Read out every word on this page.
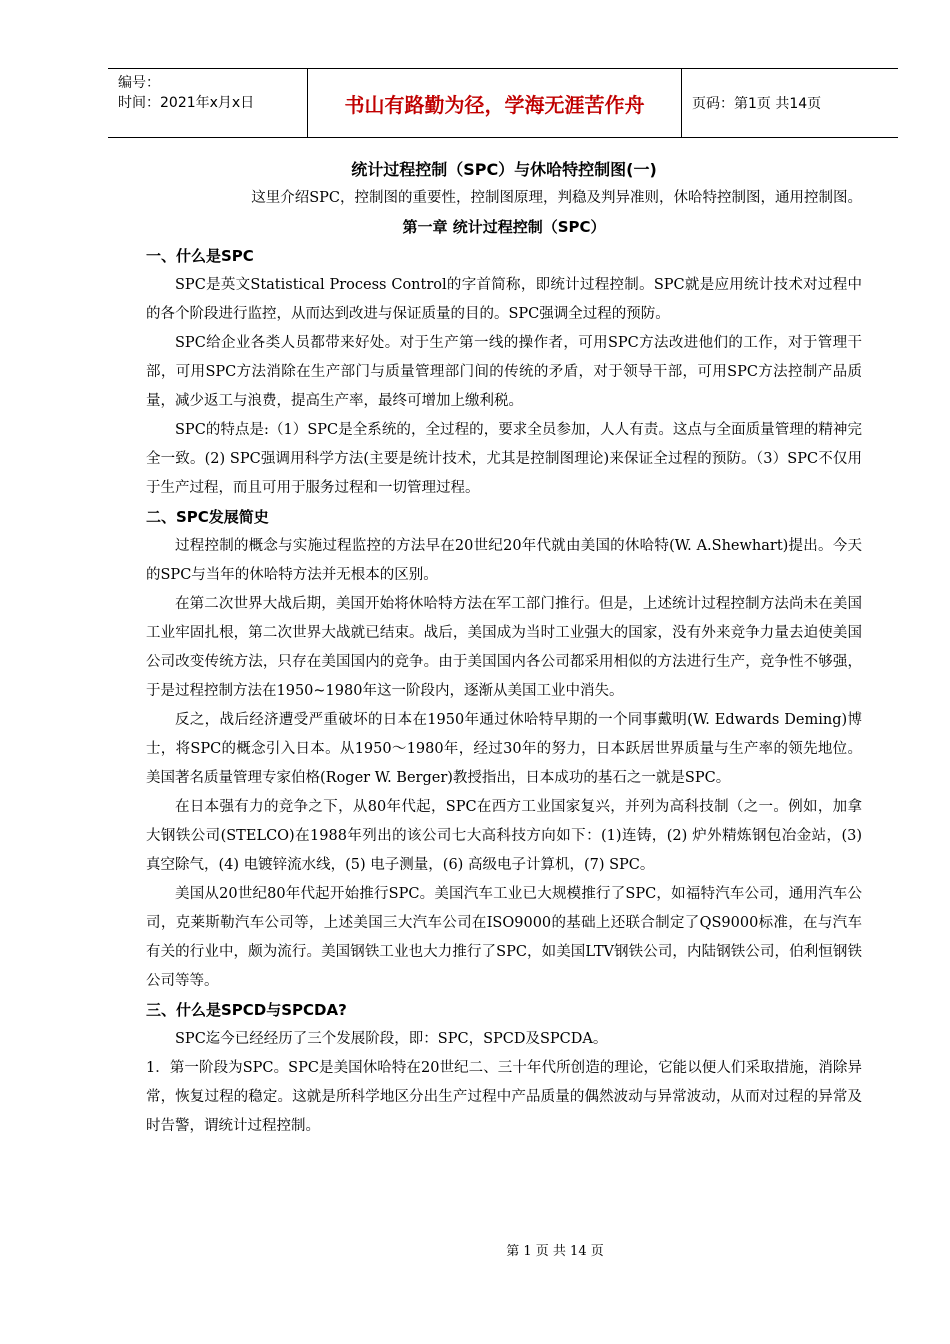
编号：
时间：2021年x月x日	书山有路勤为径，学海无涯苦作舟	页码：第1页 共14页

统计过程控制（SPC）与休哈特控制图(一)

这里介绍SPC，控制图的重要性，控制图原理，判稳及判异准则，休哈特控制图，通用控制图。

第一章 统计过程控制（SPC）

一、什么是SPC

SPC是英文Statistical Process Control的字首简称，即统计过程控制。SPC就是应用统计技术对过程中的各个阶段进行监控，从而达到改进与保证质量的目的。SPC强调全过程的预防。

SPC给企业各类人员都带来好处。对于生产第一线的操作者，可用SPC方法改进他们的工作，对于管理干部，可用SPC方法消除在生产部门与质量管理部门间的传统的矛盾，对于领导干部，可用SPC方法控制产品质量，减少返工与浪费，提高生产率，最终可增加上缴利税。

SPC的特点是:（1）SPC是全系统的，全过程的，要求全员参加，人人有责。这点与全面质量管理的精神完全一致。(2) SPC强调用科学方法(主要是统计技术，尤其是控制图理论)来保证全过程的预防。（3）SPC不仅用于生产过程，而且可用于服务过程和一切管理过程。

二、SPC发展简史

过程控制的概念与实施过程监控的方法早在20世纪20年代就由美国的休哈特(W. A.Shewhart)提出。今天的SPC与当年的休哈特方法并无根本的区别。

在第二次世界大战后期，美国开始将休哈特方法在军工部门推行。但是，上述统计过程控制方法尚未在美国工业牢固扎根，第二次世界大战就已结束。战后，美国成为当时工业强大的国家，没有外来竞争力量去迫使美国公司改变传统方法，只存在美国国内的竞争。由于美国国内各公司都采用相似的方法进行生产，竞争性不够强，于是过程控制方法在1950~1980年这一阶段内，逐渐从美国工业中消失。

反之，战后经济遭受严重破坏的日本在1950年通过休哈特早期的一个同事戴明(W. Edwards Deming)博士，将SPC的概念引入日本。从1950～1980年，经过30年的努力，日本跃居世界质量与生产率的领先地位。美国著名质量管理专家伯格(Roger W. Berger)教授指出，日本成功的基石之一就是SPC。

在日本强有力的竞争之下，从80年代起，SPC在西方工业国家复兴，并列为高科技制（之一。例如，加拿大钢铁公司(STELCO)在1988年列出的该公司七大高科技方向如下：(1)连铸，(2) 炉外精炼钢包冶金站，(3) 真空除气，(4) 电镀锌流水线，(5) 电子测量，(6) 高级电子计算机，(7) SPC。

美国从20世纪80年代起开始推行SPC。美国汽车工业已大规模推行了SPC，如福特汽车公司，通用汽车公司，克莱斯勒汽车公司等，上述美国三大汽车公司在ISO9000的基础上还联合制定了QS9000标准，在与汽车有关的行业中，颇为流行。美国钢铁工业也大力推行了SPC，如美国LTV钢铁公司，内陆钢铁公司，伯利恒钢铁公司等等。

三、什么是SPCD与SPCDA?

SPC迄今已经经历了三个发展阶段，即：SPC，SPCD及SPCDA。

1．第一阶段为SPC。SPC是美国休哈特在20世纪二、三十年代所创造的理论，它能以便人们采取措施，消除异常，恢复过程的稳定。这就是所科学地区分出生产过程中产品质量的偶然波动与异常波动，从而对过程的异常及时告警，谓统计过程控制。

第 1 页 共 14 页
